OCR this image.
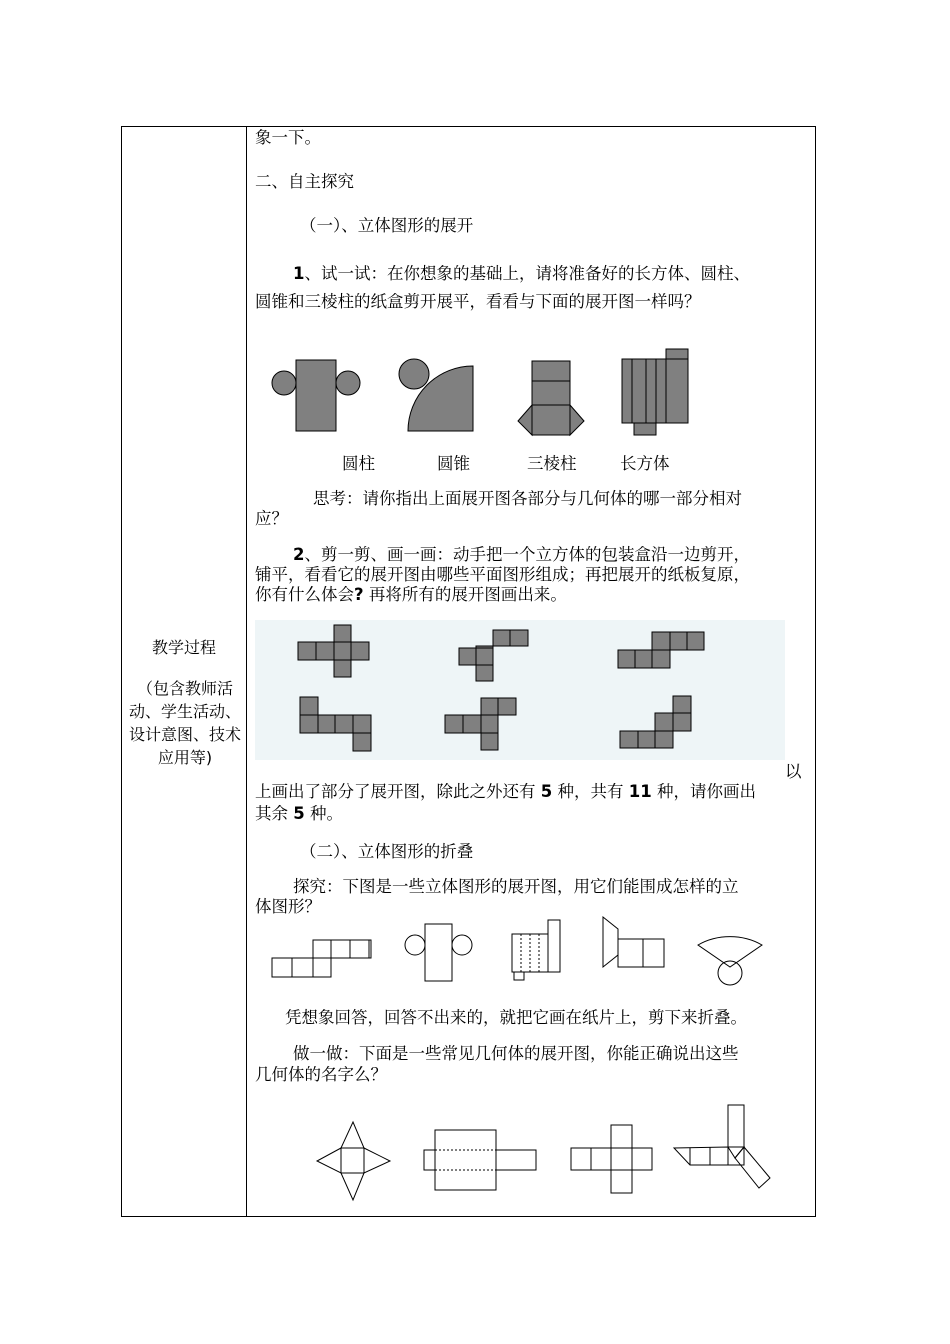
教学过程
（包含教师活动、学生活动、设计意图、技术应用等)
象一下。
二、自主探究
（一）、立体图形的展开
1、试一试：在你想象的基础上，请将准备好的长方体、圆柱、
圆锥和三棱柱的纸盒剪开展平，看看与下面的展开图一样吗？
圆柱	圆锥	三棱柱	长方体
思考：请你指出上面展开图各部分与几何体的哪一部分相对
应？
2、剪一剪、画一画：动手把一个立方体的包装盒沿一边剪开，
铺平，看看它的展开图由哪些平面图形组成；再把展开的纸板复原，
你有什么体会? 再将所有的展开图画出来。
以
上画出了部分了展开图，除此之外还有 5 种，共有 11 种，请你画出
其余 5 种。
（二）、立体图形的折叠
探究：下图是一些立体图形的展开图，用它们能围成怎样的立
体图形？
凭想象回答，回答不出来的，就把它画在纸片上，剪下来折叠。
做一做：下面是一些常见几何体的展开图，你能正确说出这些
几何体的名字么？
